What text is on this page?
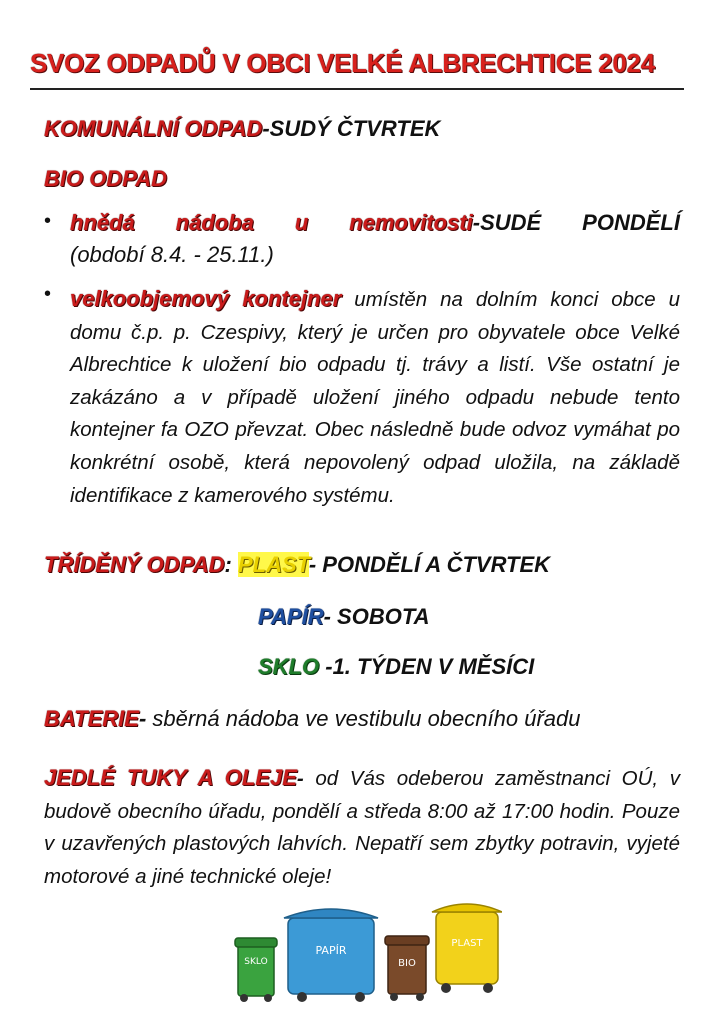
SVOZ ODPADŮ V OBCI VELKÉ ALBRECHTICE 2024
KOMUNÁLNÍ ODPAD-SUDÝ ČTVRTEK
BIO ODPAD
• hnědá nádoba u nemovitosti-SUDÉ PONDĚLÍ
(období 8.4. - 25.11.)
• velkoobjemový kontejner umístěn na dolním konci obce u domu č.p. p. Czespivy, který je určen pro obyvatele obce Velké Albrechtice k uložení bio odpadu tj. trávy a listí. Vše ostatní je zakázáno a v případě uložení jiného odpadu nebude tento kontejner fa OZO převzat. Obec následně bude odvoz vymáhat po konkrétní osobě, která nepovolený odpad uložila, na základě identifikace z kamerového systému.
TŘÍDĚNÝ ODPAD: PLAST- PONDĚLÍ A ČTVRTEK
PAPÍR- SOBOTA
SKLO -1. TÝDEN V MĚSÍCI
BATERIE- sběrná nádoba ve vestibulu obecního úřadu
JEDLÉ TUKY A OLEJE- od Vás odeberou zaměstnanci OÚ, v budově obecního úřadu, pondělí a středa 8:00 až 17:00 hodin. Pouze v uzavřených plastových lahvích. Nepatří sem zbytky potravin, vyjeté motorové a jiné technické oleje!
SKLO
PAPÍR
BIO
PLAST
